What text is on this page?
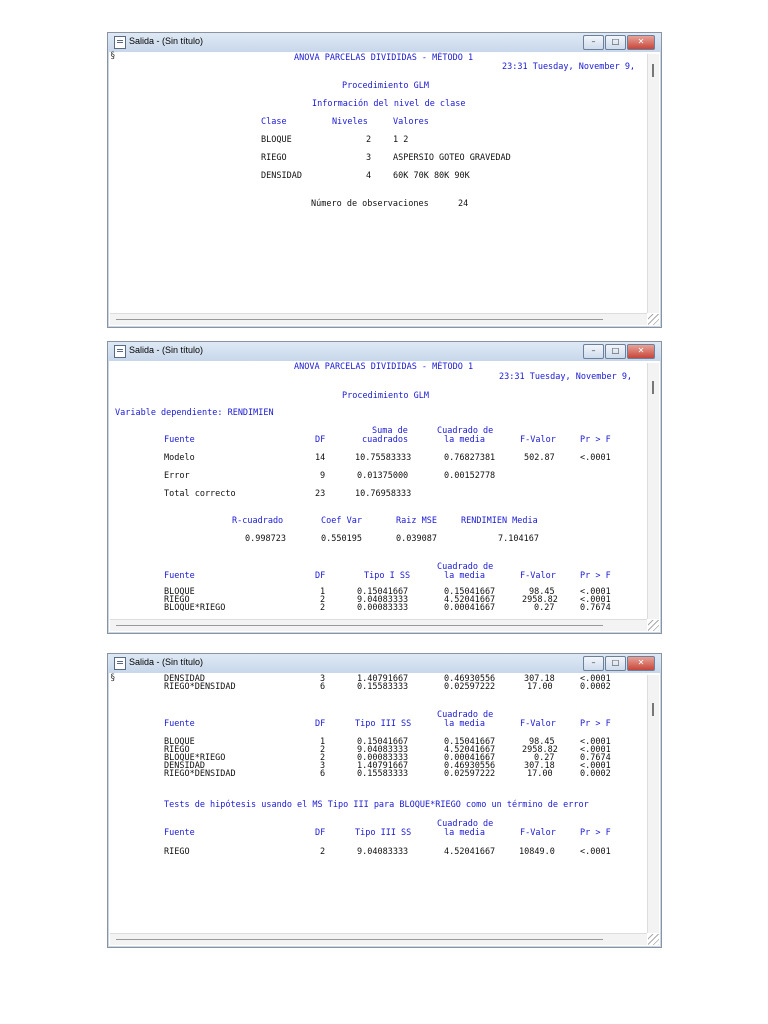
Salida - (Sin título)	–	□	✕
§	ANOVA PARCELAS DIVIDIDAS - MÉTODO 1
23:31 Tuesday, November 9,
Procedimiento GLM
Información del nivel de clase
Clase	Niveles	Valores
BLOQUE	2	1 2
RIEGO	3	ASPERSIO GOTEO GRAVEDAD
DENSIDAD	4	60K 70K 80K 90K
Número de observaciones	24
Salida - (Sin título)	–	□	✕
ANOVA PARCELAS DIVIDIDAS - MÉTODO 1
23:31 Tuesday, November 9,
Procedimiento GLM
Variable dependiente: RENDIMIEN
Suma de	Cuadrado de
Fuente	DF	cuadrados	la media	F-Valor	Pr > F
Modelo	14	10.75583333	0.76827381	502.87	<.0001
Error	9	0.01375000	0.00152778
Total correcto	23	10.76958333
R-cuadrado	Coef Var	Raiz MSE	RENDIMIEN Media
0.998723	0.550195	0.039087	7.104167
Cuadrado de
Fuente	DF	Tipo I SS	la media	F-Valor	Pr > F
BLOQUE	1	0.15041667	0.15041667	98.45	<.0001
RIEGO	2	9.04083333	4.52041667	2958.82	<.0001
BLOQUE*RIEGO	2	0.00083333	0.00041667	0.27	0.7674
Salida - (Sin título)	–	□	✕
§	DENSIDAD	3	1.40791667	0.46930556	307.18	<.0001
RIEGO*DENSIDAD	6	0.15583333	0.02597222	17.00	0.0002
Cuadrado de
Fuente	DF	Tipo III SS	la media	F-Valor	Pr > F
BLOQUE	1	0.15041667	0.15041667	98.45	<.0001
RIEGO	2	9.04083333	4.52041667	2958.82	<.0001
BLOQUE*RIEGO	2	0.00083333	0.00041667	0.27	0.7674
DENSIDAD	3	1.40791667	0.46930556	307.18	<.0001
RIEGO*DENSIDAD	6	0.15583333	0.02597222	17.00	0.0002
Tests de hipótesis usando el MS Tipo III para BLOQUE*RIEGO como un término de error
Cuadrado de
Fuente	DF	Tipo III SS	la media	F-Valor	Pr > F
RIEGO	2	9.04083333	4.52041667	10849.0	<.0001
